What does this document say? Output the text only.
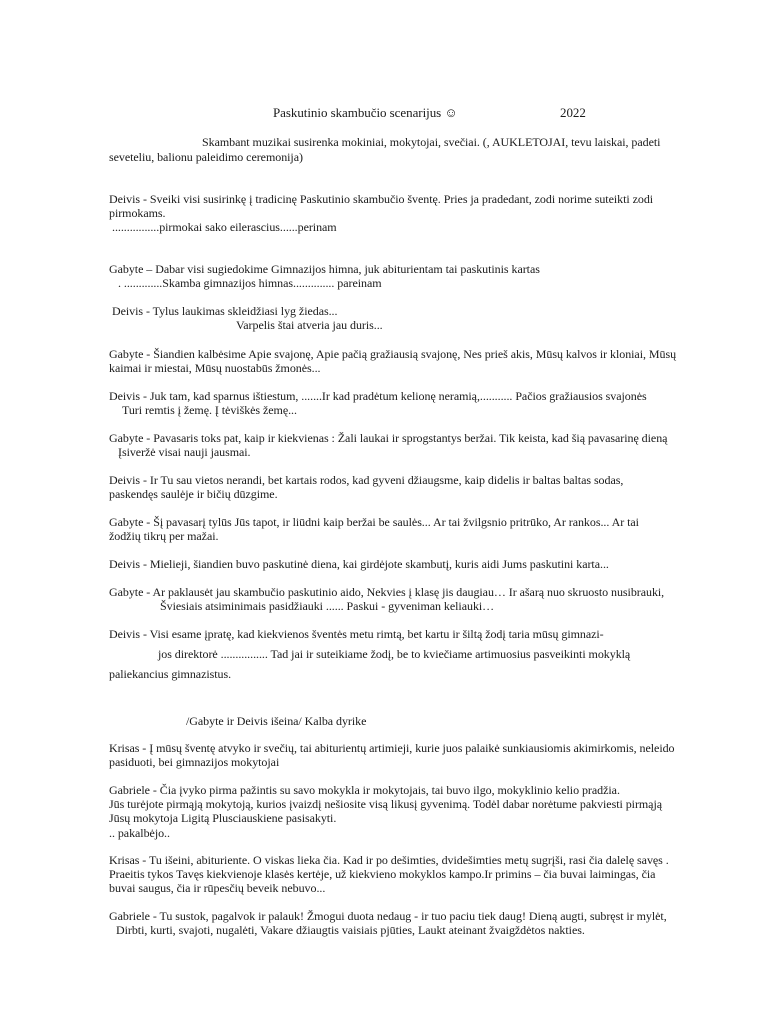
Paskutinio skambučio scenarijus ☺	2022
Skambant muzikai susirenka mokiniai, mokytojai, svečiai. (, AUKLETOJAI, tevu laiskai, padeti
seveteliu, balionu paleidimo ceremonija)
Deivis - Sveiki visi susirinkę į tradicinę Paskutinio skambučio šventę. Pries ja pradedant, zodi norime suteikti zodi
pirmokams.
................pirmokai sako eilerascius......perinam
Gabyte – Dabar visi sugiedokime Gimnazijos himna, juk abiturientam tai paskutinis kartas
. .............Skamba gimnazijos himnas.............. pareinam
Deivis - Tylus laukimas skleidžiasi lyg žiedas...
Varpelis štai atveria jau duris...
Gabyte - Šiandien kalbėsime Apie svajonę, Apie pačią gražiausią svajonę, Nes prieš akis, Mūsų kalvos ir kloniai, Mūsų
kaimai ir miestai, Mūsų nuostabūs žmonės...
Deivis - Juk tam, kad sparnus ištiestum, .......Ir kad pradėtum kelionę neramią,........... Pačios gražiausios svajonės
Turi remtis į žemę. Į tėviškės žemę...
Gabyte - Pavasaris toks pat, kaip ir kiekvienas : Žali laukai ir sprogstantys beržai. Tik keista, kad šią pavasarinę dieną
Įsiveržė visai nauji jausmai.
Deivis - Ir Tu sau vietos nerandi, bet kartais rodos, kad gyveni džiaugsme, kaip didelis ir baltas baltas sodas,
paskendęs saulėje ir bičių dūzgime.
Gabyte - Šį pavasarį tylūs Jūs tapot, ir liūdni kaip beržai be saulės... Ar tai žvilgsnio pritrūko, Ar rankos... Ar tai
žodžių tikrų per mažai.
Deivis - Mielieji, šiandien buvo paskutinė diena, kai girdėjote skambutį, kuris aidi Jums paskutini karta...
Gabyte - Ar paklausėt jau skambučio paskutinio aido, Nekvies į klasę jis daugiau… Ir ašarą nuo skruosto nusibrauki,
Šviesiais atsiminimais pasidžiauki ...... Paskui - gyveniman keliauki…
Deivis - Visi esame įpratę, kad kiekvienos šventės metu rimtą, bet kartu ir šiltą žodį taria mūsų gimnazi-
jos direktorė ................ Tad jai ir suteikiame žodį, be to kviečiame artimuosius pasveikinti mokyklą
paliekancius gimnazistus.
/Gabyte ir Deivis išeina/ Kalba dyrike
Krisas - Į mūsų šventę atvyko ir svečių, tai abiturientų artimieji, kurie juos palaikė sunkiausiomis akimirkomis, neleido
pasiduoti, bei gimnazijos mokytojai
Gabriele - Čia įvyko pirma pažintis su savo mokykla ir mokytojais, tai buvo ilgo, mokyklinio kelio pradžia.
Jūs turėjote pirmąją mokytoją, kurios įvaizdį nešiosite visą likusį gyvenimą. Todėl dabar norėtume pakviesti pirmąją
Jūsų mokytoja Ligitą Plusciauskiene pasisakyti.
.. pakalbėjo..
Krisas - Tu išeini, abituriente. O viskas lieka čia. Kad ir po dešimties, dvidešimties metų sugrįši, rasi čia dalelę savęs .
Praeitis tykos Tavęs kiekvienoje klasės kertėje, už kiekvieno mokyklos kampo.Ir primins – čia buvai laimingas, čia
buvai saugus, čia ir rūpesčių beveik nebuvo...
Gabriele - Tu sustok, pagalvok ir palauk! Žmogui duota nedaug - ir tuo paciu tiek daug! Dieną augti, subręst ir mylėt,
Dirbti, kurti, svajoti, nugalėti, Vakare džiaugtis vaisiais pjūties, Laukt ateinant žvaigždėtos nakties.
